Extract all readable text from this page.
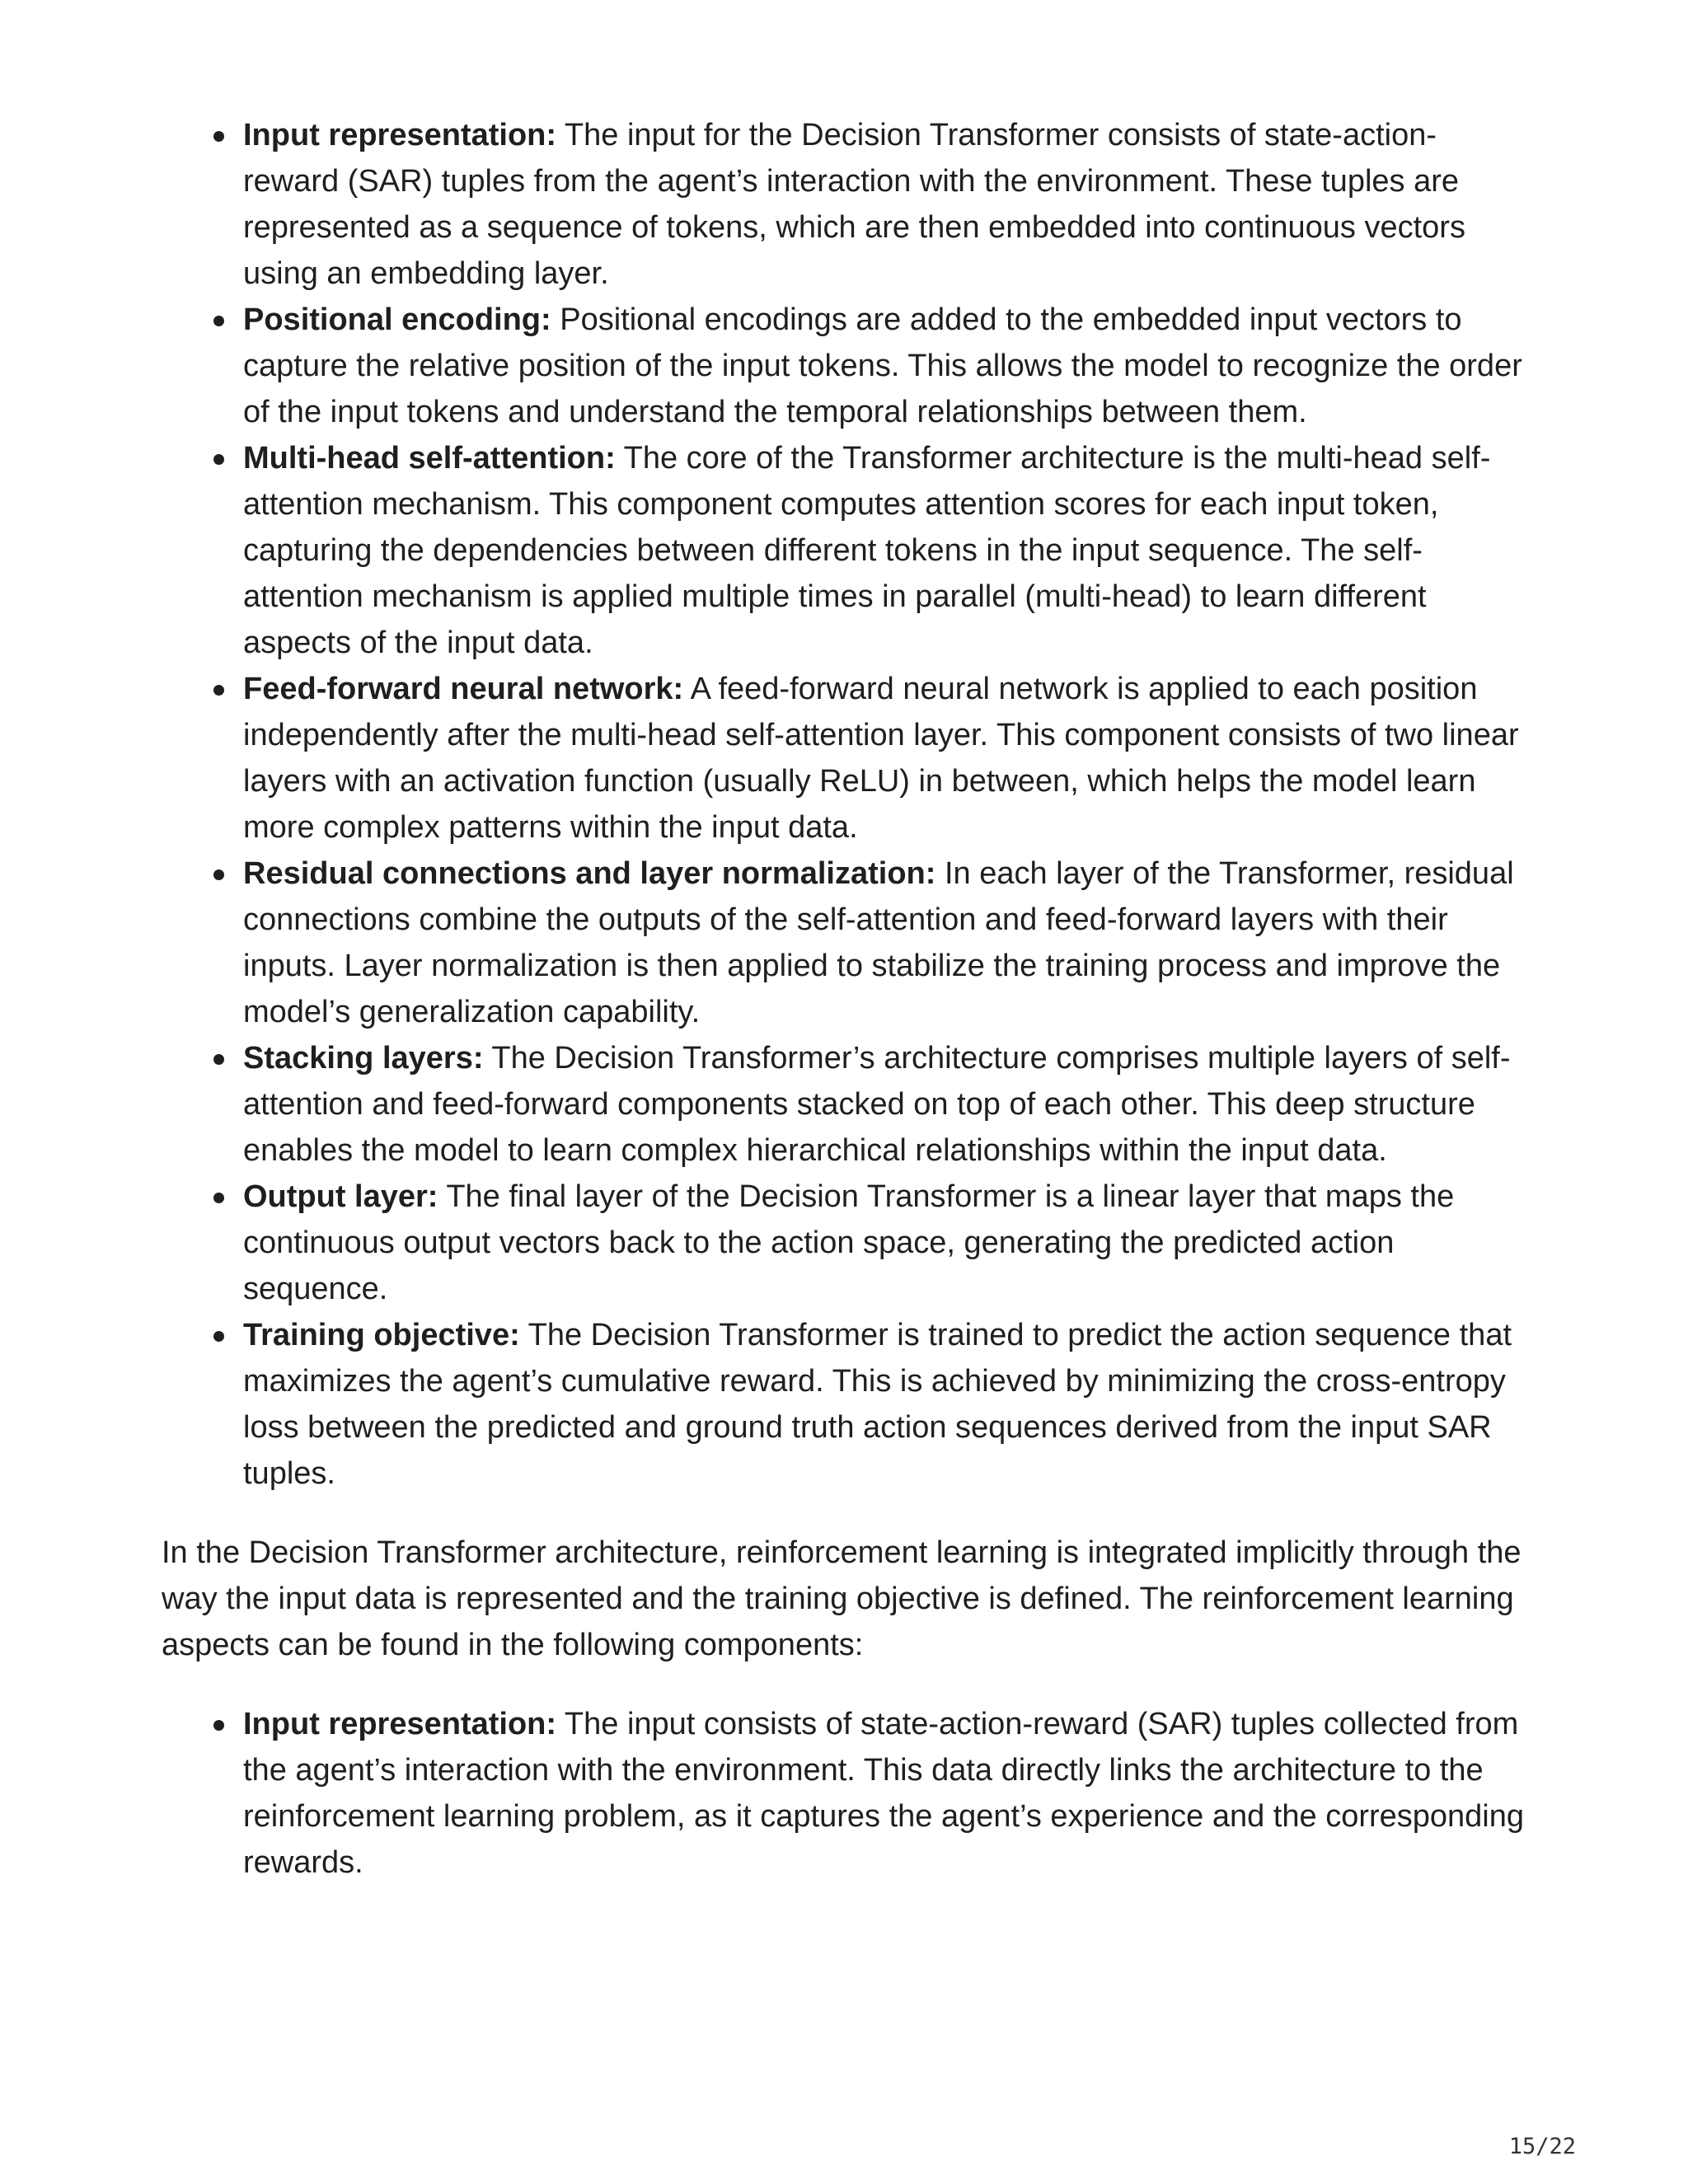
Input representation: The input for the Decision Transformer consists of state-action-reward (SAR) tuples from the agent’s interaction with the environment. These tuples are represented as a sequence of tokens, which are then embedded into continuous vectors using an embedding layer.
Positional encoding: Positional encodings are added to the embedded input vectors to capture the relative position of the input tokens. This allows the model to recognize the order of the input tokens and understand the temporal relationships between them.
Multi-head self-attention: The core of the Transformer architecture is the multi-head self-attention mechanism. This component computes attention scores for each input token, capturing the dependencies between different tokens in the input sequence. The self-attention mechanism is applied multiple times in parallel (multi-head) to learn different aspects of the input data.
Feed-forward neural network: A feed-forward neural network is applied to each position independently after the multi-head self-attention layer. This component consists of two linear layers with an activation function (usually ReLU) in between, which helps the model learn more complex patterns within the input data.
Residual connections and layer normalization: In each layer of the Transformer, residual connections combine the outputs of the self-attention and feed-forward layers with their inputs. Layer normalization is then applied to stabilize the training process and improve the model’s generalization capability.
Stacking layers: The Decision Transformer’s architecture comprises multiple layers of self-attention and feed-forward components stacked on top of each other. This deep structure enables the model to learn complex hierarchical relationships within the input data.
Output layer: The final layer of the Decision Transformer is a linear layer that maps the continuous output vectors back to the action space, generating the predicted action sequence.
Training objective: The Decision Transformer is trained to predict the action sequence that maximizes the agent’s cumulative reward. This is achieved by minimizing the cross-entropy loss between the predicted and ground truth action sequences derived from the input SAR tuples.

In the Decision Transformer architecture, reinforcement learning is integrated implicitly through the way the input data is represented and the training objective is defined. The reinforcement learning aspects can be found in the following components:

Input representation: The input consists of state-action-reward (SAR) tuples collected from the agent’s interaction with the environment. This data directly links the architecture to the reinforcement learning problem, as it captures the agent’s experience and the corresponding rewards.
15/22
